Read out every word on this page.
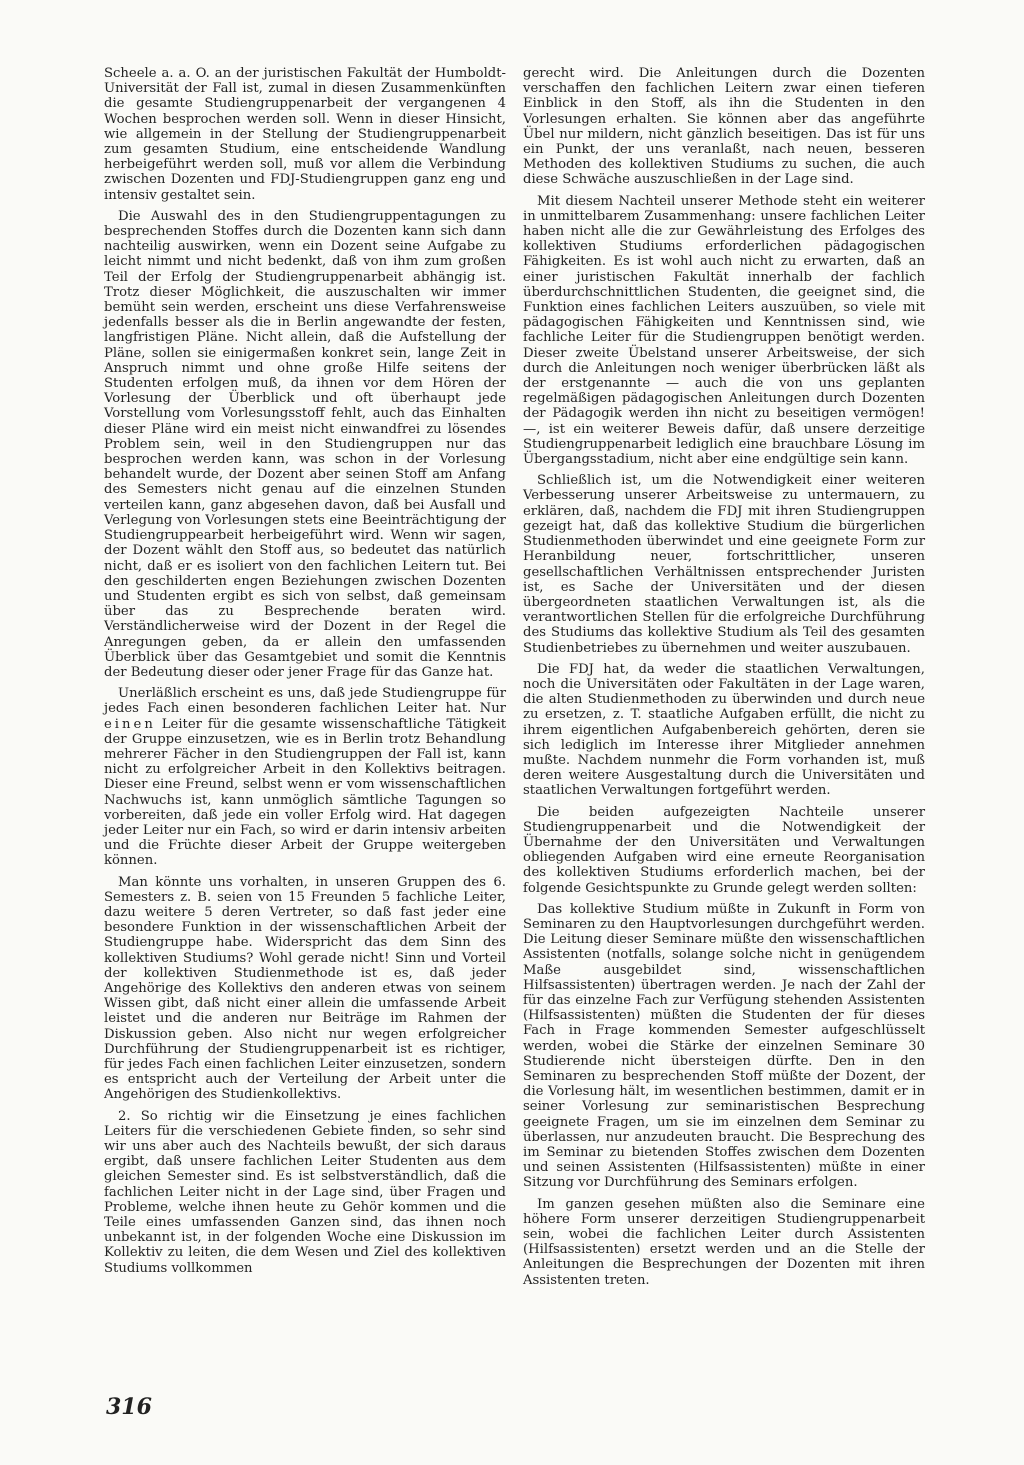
Scheele a. a. O. an der juristischen Fakultät der Humboldt-Universität der Fall ist, zumal in diesen Zusammenkünften die gesamte Studiengruppenarbeit der vergangenen 4 Wochen besprochen werden soll. Wenn in dieser Hinsicht, wie allgemein in der Stellung der Studiengruppenarbeit zum gesamten Studium, eine entscheidende Wandlung herbeigeführt werden soll, muß vor allem die Verbindung zwischen Dozenten und FDJ-Studiengruppen ganz eng und intensiv gestaltet sein.

Die Auswahl des in den Studiengruppentagungen zu besprechenden Stoffes durch die Dozenten kann sich dann nachteilig auswirken, wenn ein Dozent seine Aufgabe zu leicht nimmt und nicht bedenkt, daß von ihm zum großen Teil der Erfolg der Studiengruppenarbeit abhängig ist. Trotz dieser Möglichkeit, die auszuschalten wir immer bemüht sein werden, erscheint uns diese Verfahrensweise jedenfalls besser als die in Berlin angewandte der festen, langfristigen Pläne. Nicht allein, daß die Aufstellung der Pläne, sollen sie einigermaßen konkret sein, lange Zeit in Anspruch nimmt und ohne große Hilfe seitens der Studenten erfolgen muß, da ihnen vor dem Hören der Vorlesung der Überblick und oft überhaupt jede Vorstellung vom Vorlesungsstoff fehlt, auch das Einhalten dieser Pläne wird ein meist nicht einwandfrei zu lösendes Problem sein, weil in den Studiengruppen nur das besprochen werden kann, was schon in der Vorlesung behandelt wurde, der Dozent aber seinen Stoff am Anfang des Semesters nicht genau auf die einzelnen Stunden verteilen kann, ganz abgesehen davon, daß bei Ausfall und Verlegung von Vorlesungen stets eine Beeinträchtigung der Studiengruppearbeit herbeigeführt wird. Wenn wir sagen, der Dozent wählt den Stoff aus, so bedeutet das natürlich nicht, daß er es isoliert von den fachlichen Leitern tut. Bei den geschilderten engen Beziehungen zwischen Dozenten und Studenten ergibt es sich von selbst, daß gemeinsam über das zu Besprechende beraten wird. Verständlicherweise wird der Dozent in der Regel die Anregungen geben, da er allein den umfassenden Überblick über das Gesamtgebiet und somit die Kenntnis der Bedeutung dieser oder jener Frage für das Ganze hat.

Unerläßlich erscheint es uns, daß jede Studiengruppe für jedes Fach einen besonderen fachlichen Leiter hat. Nur einen Leiter für die gesamte wissenschaftliche Tätigkeit der Gruppe einzusetzen, wie es in Berlin trotz Behandlung mehrerer Fächer in den Studiengruppen der Fall ist, kann nicht zu erfolgreicher Arbeit in den Kollektivs beitragen. Dieser eine Freund, selbst wenn er vom wissenschaftlichen Nachwuchs ist, kann unmöglich sämtliche Tagungen so vorbereiten, daß jede ein voller Erfolg wird. Hat dagegen jeder Leiter nur ein Fach, so wird er darin intensiv arbeiten und die Früchte dieser Arbeit der Gruppe weitergeben können.

Man könnte uns vorhalten, in unseren Gruppen des 6. Semesters z. B. seien von 15 Freunden 5 fachliche Leiter, dazu weitere 5 deren Vertreter, so daß fast jeder eine besondere Funktion in der wissenschaftlichen Arbeit der Studiengruppe habe. Widerspricht das dem Sinn des kollektiven Studiums? Wohl gerade nicht! Sinn und Vorteil der kollektiven Studienmethode ist es, daß jeder Angehörige des Kollektivs den anderen etwas von seinem Wissen gibt, daß nicht einer allein die umfassende Arbeit leistet und die anderen nur Beiträge im Rahmen der Diskussion geben. Also nicht nur wegen erfolgreicher Durchführung der Studiengruppenarbeit ist es richtiger, für jedes Fach einen fachlichen Leiter einzusetzen, sondern es entspricht auch der Verteilung der Arbeit unter die Angehörigen des Studienkollektivs.

2. So richtig wir die Einsetzung je eines fachlichen Leiters für die verschiedenen Gebiete finden, so sehr sind wir uns aber auch des Nachteils bewußt, der sich daraus ergibt, daß unsere fachlichen Leiter Studenten aus dem gleichen Semester sind. Es ist selbstverständlich, daß die fachlichen Leiter nicht in der Lage sind, über Fragen und Probleme, welche ihnen heute zu Gehör kommen und die Teile eines umfassenden Ganzen sind, das ihnen noch unbekannt ist, in der folgenden Woche eine Diskussion im Kollektiv zu leiten, die dem Wesen und Ziel des kollektiven Studiums vollkommen

gerecht wird. Die Anleitungen durch die Dozenten verschaffen den fachlichen Leitern zwar einen tieferen Einblick in den Stoff, als ihn die Studenten in den Vorlesungen erhalten. Sie können aber das angeführte Übel nur mildern, nicht gänzlich beseitigen. Das ist für uns ein Punkt, der uns veranlaßt, nach neuen, besseren Methoden des kollektiven Studiums zu suchen, die auch diese Schwäche auszuschließen in der Lage sind.

Mit diesem Nachteil unserer Methode steht ein weiterer in unmittelbarem Zusammenhang: unsere fachlichen Leiter haben nicht alle die zur Gewährleistung des Erfolges des kollektiven Studiums erforderlichen pädagogischen Fähigkeiten. Es ist wohl auch nicht zu erwarten, daß an einer juristischen Fakultät innerhalb der fachlich überdurchschnittlichen Studenten, die geeignet sind, die Funktion eines fachlichen Leiters auszuüben, so viele mit pädagogischen Fähigkeiten und Kenntnissen sind, wie fachliche Leiter für die Studiengruppen benötigt werden. Dieser zweite Übelstand unserer Arbeitsweise, der sich durch die Anleitungen noch weniger überbrücken läßt als der erstgenannte — auch die von uns geplanten regelmäßigen pädagogischen Anleitungen durch Dozenten der Pädagogik werden ihn nicht zu beseitigen vermögen! —, ist ein weiterer Beweis dafür, daß unsere derzeitige Studiengruppenarbeit lediglich eine brauchbare Lösung im Übergangsstadium, nicht aber eine endgültige sein kann.

Schließlich ist, um die Notwendigkeit einer weiteren Verbesserung unserer Arbeitsweise zu untermauern, zu erklären, daß, nachdem die FDJ mit ihren Studiengruppen gezeigt hat, daß das kollektive Studium die bürgerlichen Studienmethoden überwindet und eine geeignete Form zur Heranbildung neuer, fortschrittlicher, unseren gesellschaftlichen Verhältnissen entsprechender Juristen ist, es Sache der Universitäten und der diesen übergeordneten staatlichen Verwaltungen ist, als die verantwortlichen Stellen für die erfolgreiche Durchführung des Studiums das kollektive Studium als Teil des gesamten Studienbetriebes zu übernehmen und weiter auszubauen.

Die FDJ hat, da weder die staatlichen Verwaltungen, noch die Universitäten oder Fakultäten in der Lage waren, die alten Studienmethoden zu überwinden und durch neue zu ersetzen, z. T. staatliche Aufgaben erfüllt, die nicht zu ihrem eigentlichen Aufgabenbereich gehörten, deren sie sich lediglich im Interesse ihrer Mitglieder annehmen mußte. Nachdem nunmehr die Form vorhanden ist, muß deren weitere Ausgestaltung durch die Universitäten und staatlichen Verwaltungen fortgeführt werden.

Die beiden aufgezeigten Nachteile unserer Studiengruppenarbeit und die Notwendigkeit der Übernahme der den Universitäten und Verwaltungen obliegenden Aufgaben wird eine erneute Reorganisation des kollektiven Studiums erforderlich machen, bei der folgende Gesichtspunkte zu Grunde gelegt werden sollten:

Das kollektive Studium müßte in Zukunft in Form von Seminaren zu den Hauptvorlesungen durchgeführt werden. Die Leitung dieser Seminare müßte den wissenschaftlichen Assistenten (notfalls, solange solche nicht in genügendem Maße ausgebildet sind, wissenschaftlichen Hilfsassistenten) übertragen werden. Je nach der Zahl der für das einzelne Fach zur Verfügung stehenden Assistenten (Hilfsassistenten) müßten die Studenten der für dieses Fach in Frage kommenden Semester aufgeschlüsselt werden, wobei die Stärke der einzelnen Seminare 30 Studierende nicht übersteigen dürfte. Den in den Seminaren zu besprechenden Stoff müßte der Dozent, der die Vorlesung hält, im wesentlichen bestimmen, damit er in seiner Vorlesung zur seminaristischen Besprechung geeignete Fragen, um sie im einzelnen dem Seminar zu überlassen, nur anzudeuten braucht. Die Besprechung des im Seminar zu bietenden Stoffes zwischen dem Dozenten und seinen Assistenten (Hilfsassistenten) müßte in einer Sitzung vor Durchführung des Seminars erfolgen.

Im ganzen gesehen müßten also die Seminare eine höhere Form unserer derzeitigen Studiengruppenarbeit sein, wobei die fachlichen Leiter durch Assistenten (Hilfsassistenten) ersetzt werden und an die Stelle der Anleitungen die Besprechungen der Dozenten mit ihren Assistenten treten.

316
